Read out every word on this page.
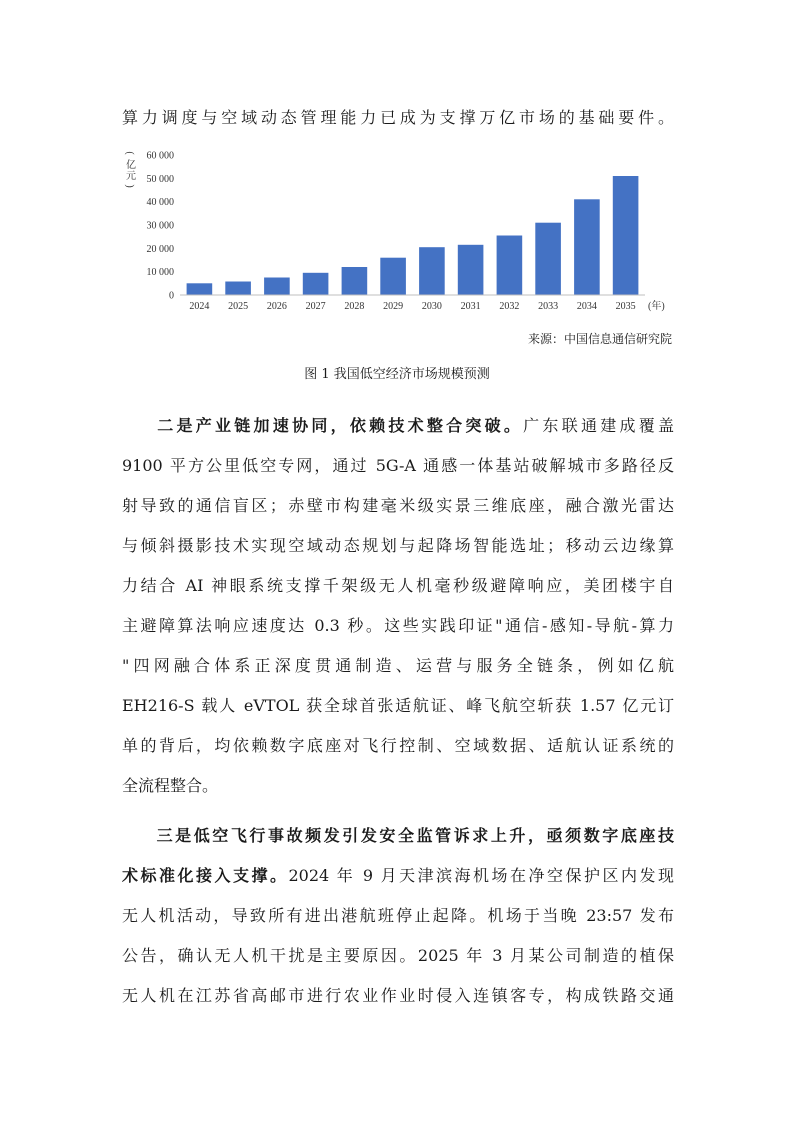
算力调度与空域动态管理能力已成为支撑万亿市场的基础要件。
(
亿
元
)
0
10 000
20 000
30 000
40 000
50 000
60 000
2024 2025 2026 2027 2028 2029 2030 2031 2032 2033 2034 2035 (年)
来源：中国信息通信研究院
图 1 我国低空经济市场规模预测
二是产业链加速协同，依赖技术整合突破。广东联通建成覆盖
9100 平方公里低空专网，通过 5G-A 通感一体基站破解城市多路径反
射导致的通信盲区；赤壁市构建毫米级实景三维底座，融合激光雷达
与倾斜摄影技术实现空域动态规划与起降场智能选址；移动云边缘算
力结合 AI 神眼系统支撑千架级无人机毫秒级避障响应，美团楼宇自
主避障算法响应速度达 0.3 秒。这些实践印证"通信-感知-导航-算力
"四网融合体系正深度贯通制造、运营与服务全链条，例如亿航
EH216-S 载人 eVTOL 获全球首张适航证、峰飞航空斩获 1.57 亿元订
单的背后，均依赖数字底座对飞行控制、空域数据、适航认证系统的
全流程整合。
三是低空飞行事故频发引发安全监管诉求上升，亟须数字底座技
术标准化接入支撑。2024 年 9 月天津滨海机场在净空保护区内发现
无人机活动，导致所有进出港航班停止起降。机场于当晚 23:57 发布
公告，确认无人机干扰是主要原因。2025 年 3 月某公司制造的植保
无人机在江苏省高邮市进行农业作业时侵入连镇客专，构成铁路交通
